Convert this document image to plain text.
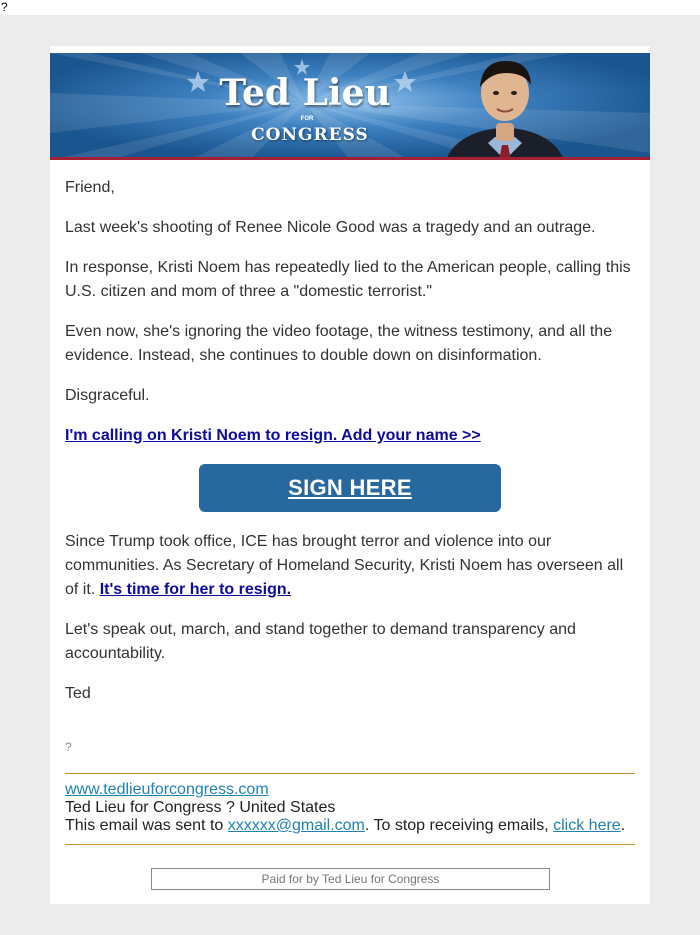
?
Ted Lieu
FOR
CONGRESS

Friend,

Last week's shooting of Renee Nicole Good was a tragedy and an outrage.

In response, Kristi Noem has repeatedly lied to the American people, calling this U.S. citizen and mom of three a "domestic terrorist."

Even now, she's ignoring the video footage, the witness testimony, and all the evidence. Instead, she continues to double down on disinformation.

Disgraceful.

I'm calling on Kristi Noem to resign. Add your name >>

SIGN HERE

Since Trump took office, ICE has brought terror and violence into our communities. As Secretary of Homeland Security, Kristi Noem has overseen all of it. It's time for her to resign.

Let's speak out, march, and stand together to demand transparency and accountability.

Ted

?
www.tedlieuforcongress.com
Ted Lieu for Congress ? United States
This email was sent to xxxxxx@gmail.com. To stop receiving emails, click here.
Paid for by Ted Lieu for Congress
